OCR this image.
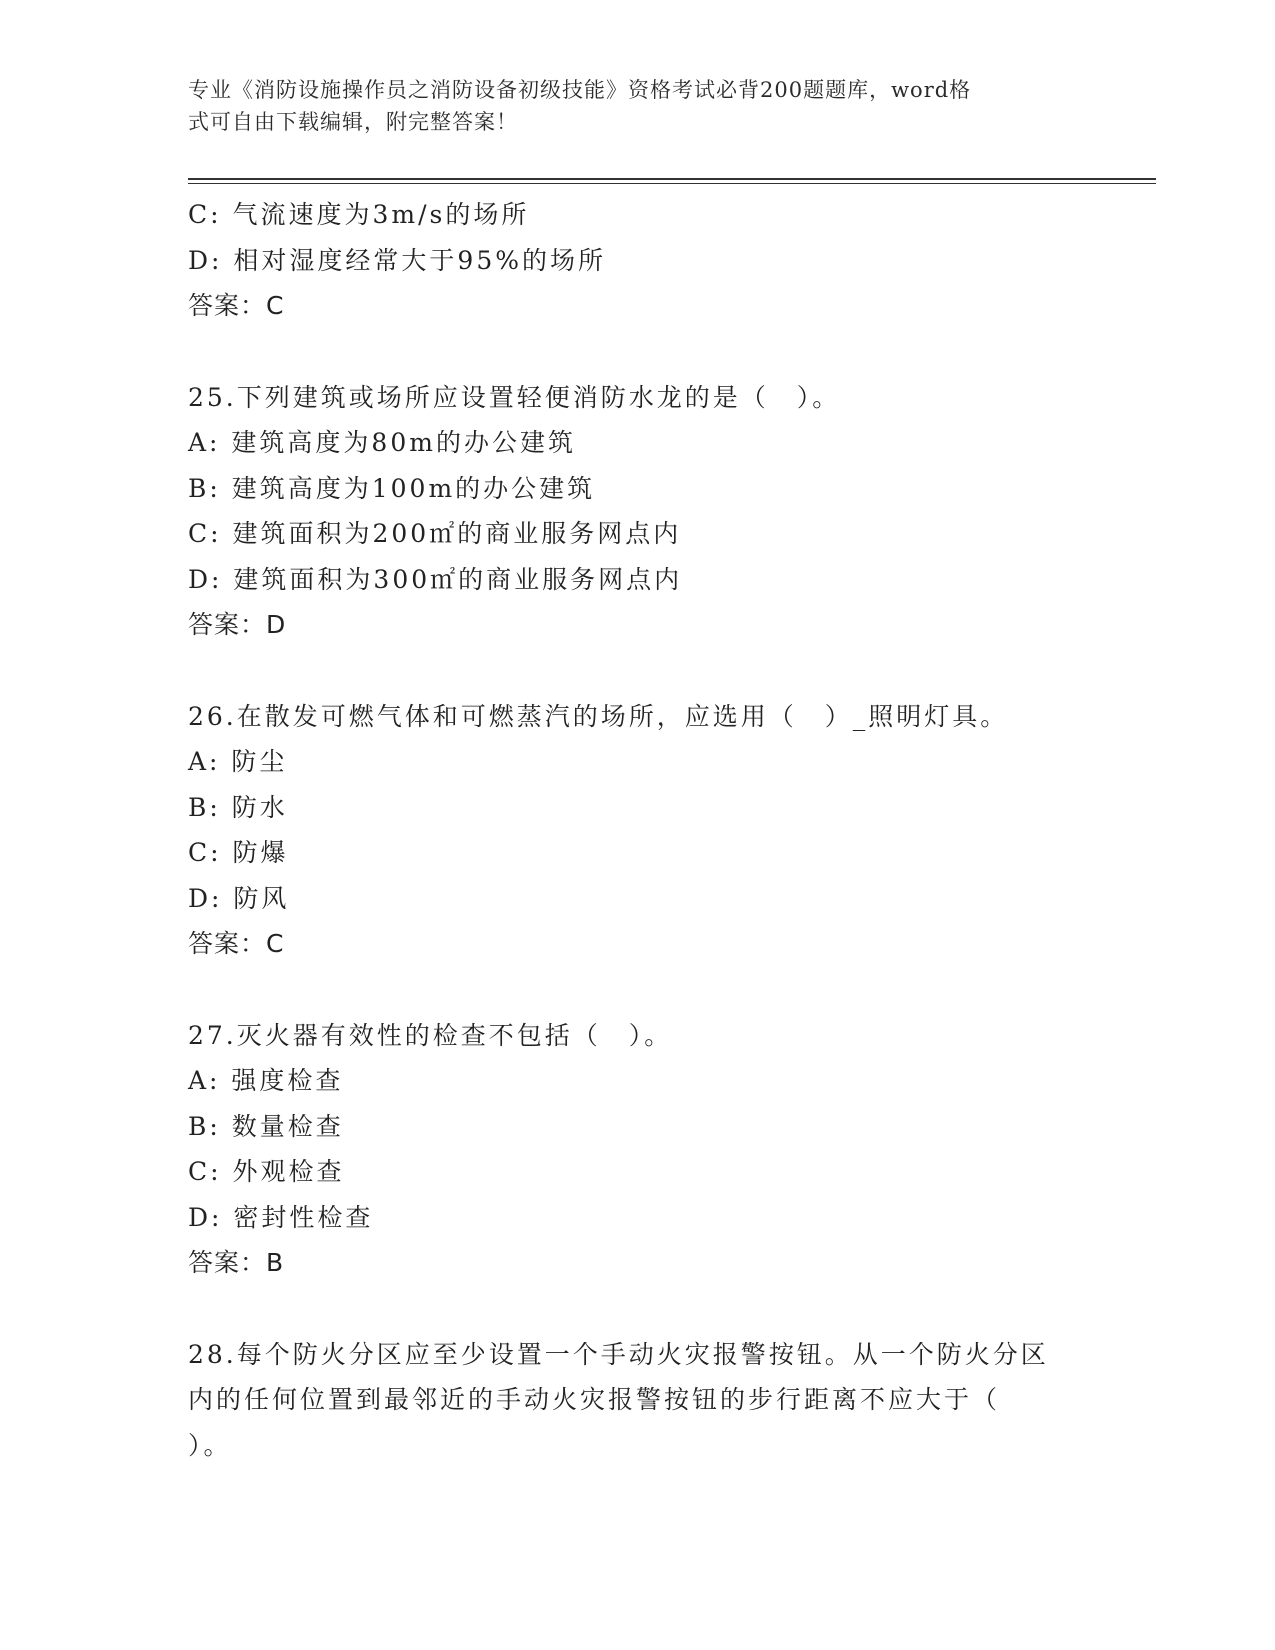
专业《消防设施操作员之消防设备初级技能》资格考试必背200题题库，word格
式可自由下载编辑，附完整答案！
C: 气流速度为3m/s的场所
D: 相对湿度经常大于95%的场所
答案：C
25.下列建筑或场所应设置轻便消防水龙的是（　）。
A: 建筑高度为80m的办公建筑
B: 建筑高度为100m的办公建筑
C: 建筑面积为200㎡的商业服务网点内
D: 建筑面积为300㎡的商业服务网点内
答案：D
26.在散发可燃气体和可燃蒸汽的场所，应选用（　）_照明灯具。
A: 防尘
B: 防水
C: 防爆
D: 防风
答案：C
27.灭火器有效性的检查不包括（　）。
A: 强度检查
B: 数量检查
C: 外观检查
D: 密封性检查
答案：B
28.每个防火分区应至少设置一个手动火灾报警按钮。从一个防火分区
内的任何位置到最邻近的手动火灾报警按钮的步行距离不应大于（
）。
